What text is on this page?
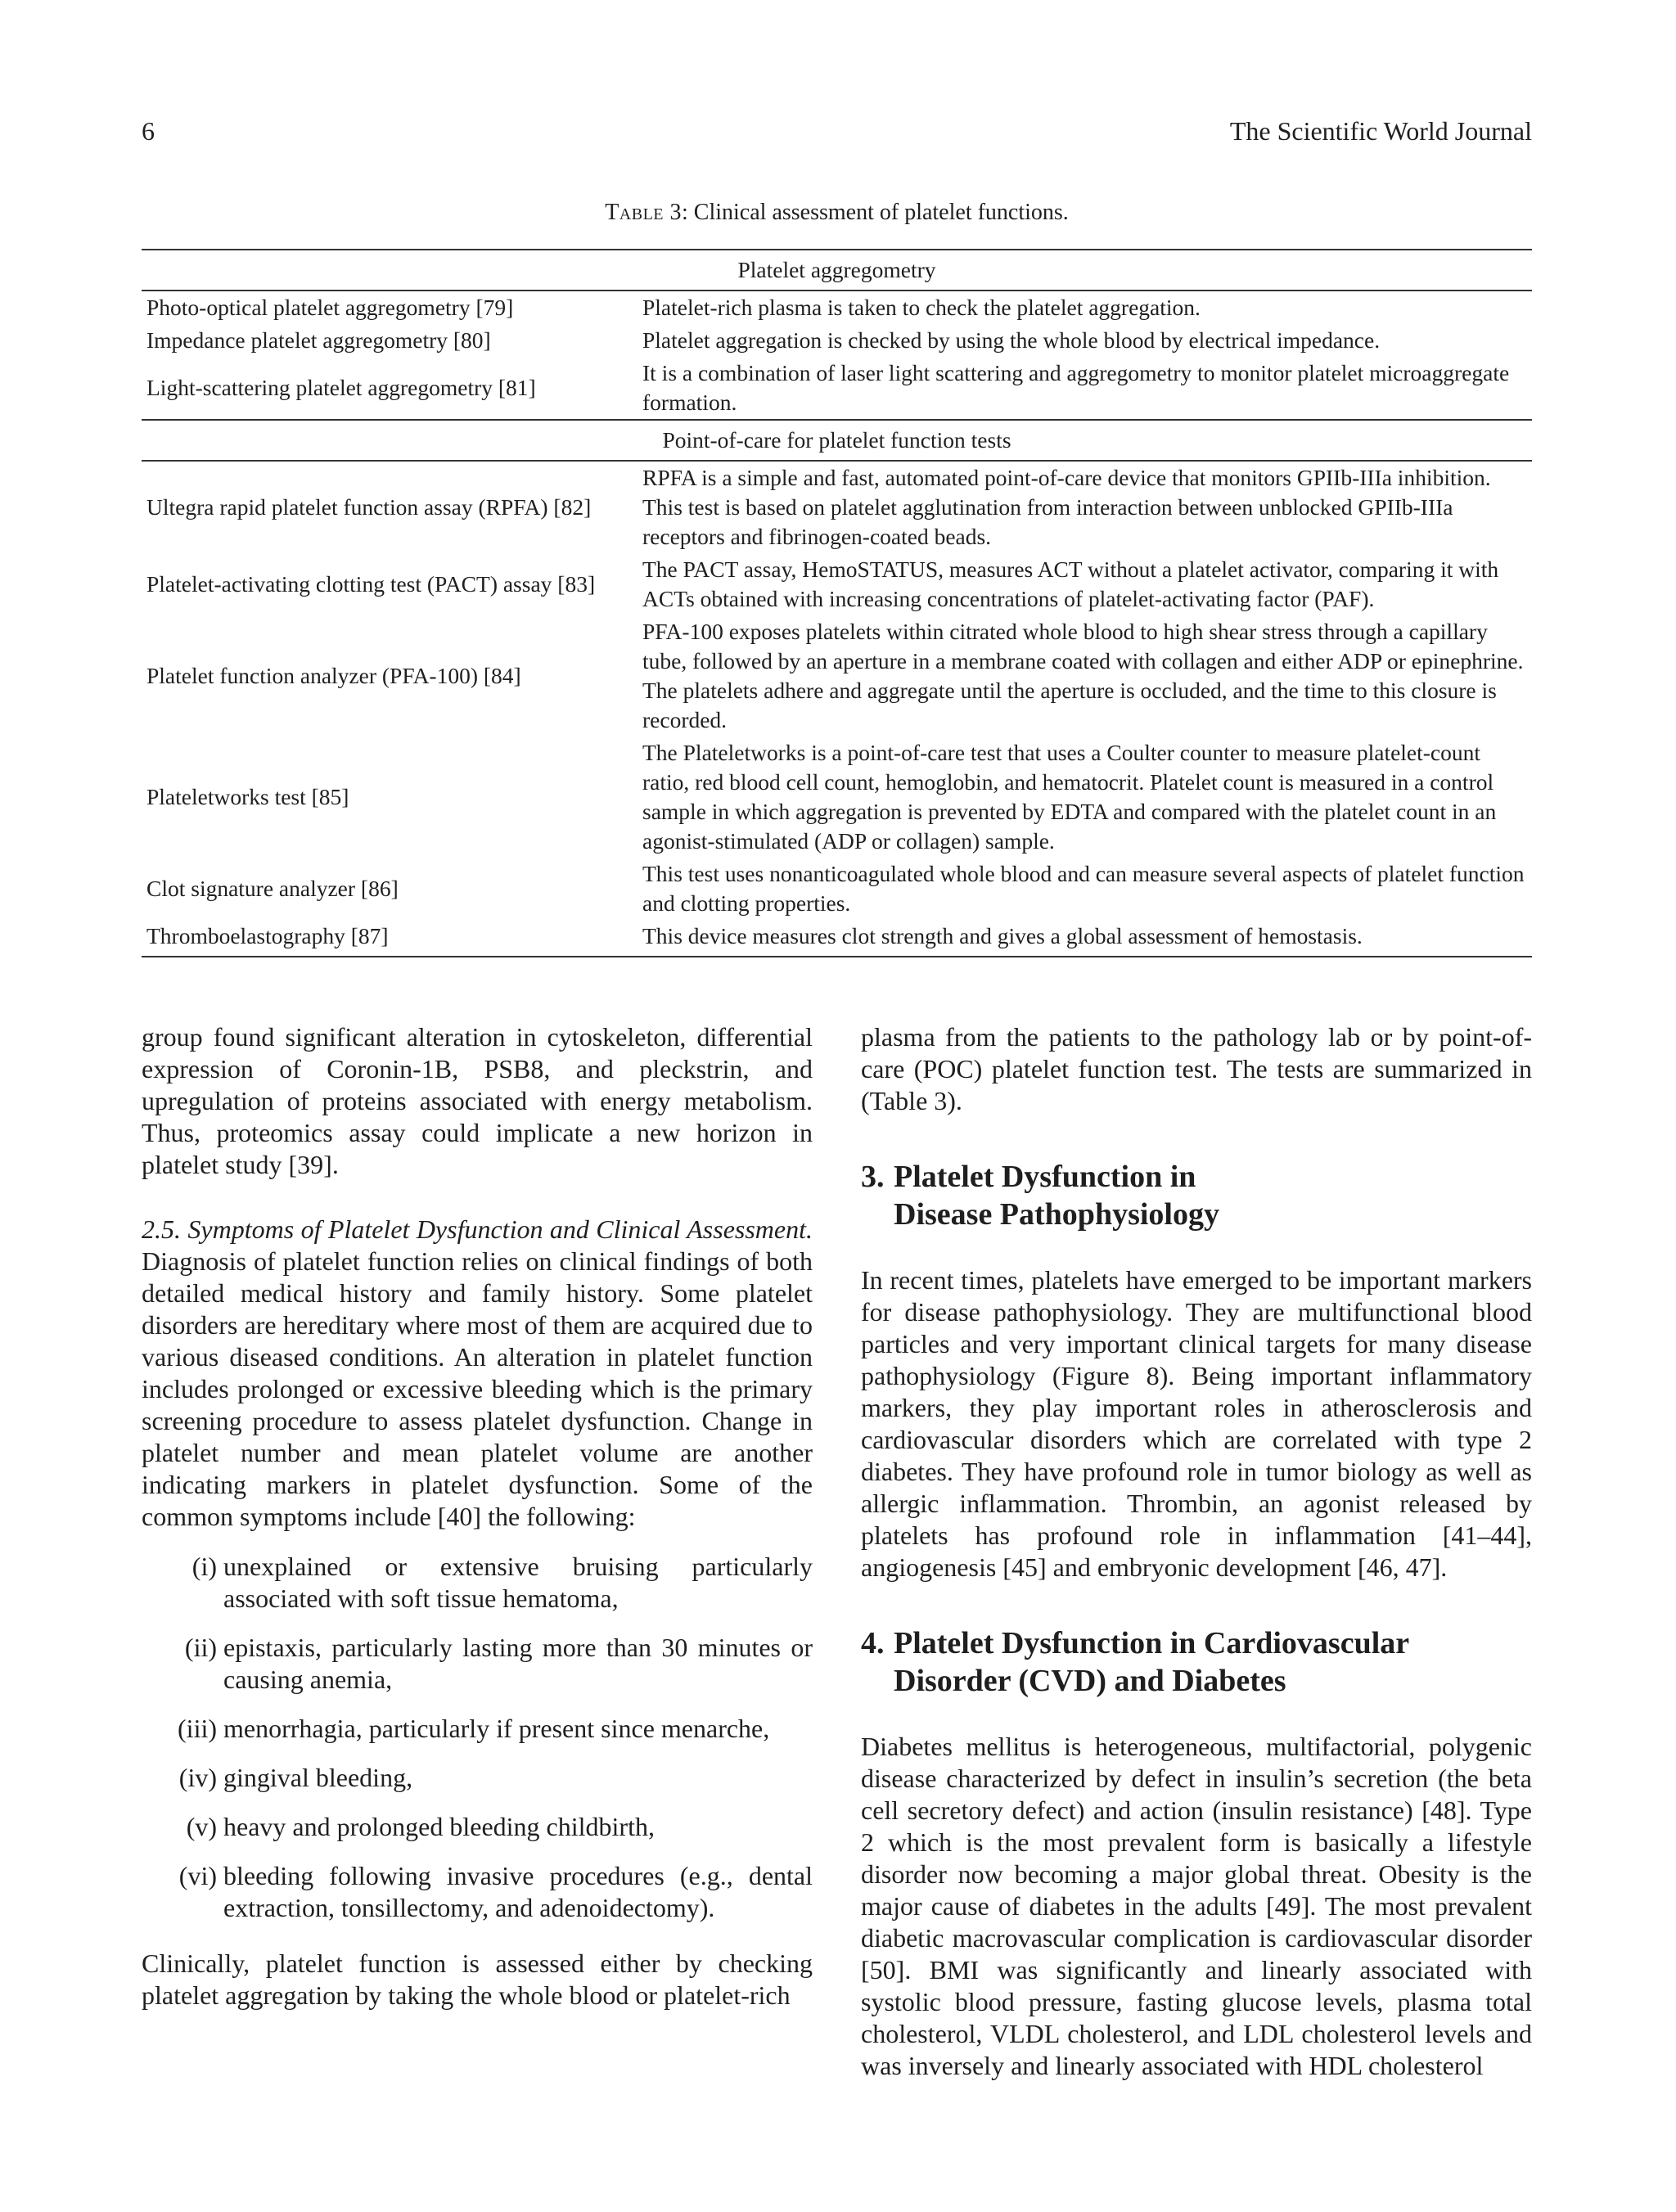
6	The Scientific World Journal
Table 3: Clinical assessment of platelet functions.
Platelet aggregometry	
Photo-optical platelet aggregometry [79]	Platelet-rich plasma is taken to check the platelet aggregation.
Impedance platelet aggregometry [80]	Platelet aggregation is checked by using the whole blood by electrical impedance.
Light-scattering platelet aggregometry [81]	It is a combination of laser light scattering and aggregometry to monitor platelet microaggregate formation.
Point-of-care for platelet function tests	
Ultegra rapid platelet function assay (RPFA) [82]	RPFA is a simple and fast, automated point-of-care device that monitors GPIIb-IIIa inhibition. This test is based on platelet agglutination from interaction between unblocked GPIIb-IIIa receptors and fibrinogen-coated beads.
Platelet-activating clotting test (PACT) assay [83]	The PACT assay, HemoSTATUS, measures ACT without a platelet activator, comparing it with ACTs obtained with increasing concentrations of platelet-activating factor (PAF).
Platelet function analyzer (PFA-100) [84]	PFA-100 exposes platelets within citrated whole blood to high shear stress through a capillary tube, followed by an aperture in a membrane coated with collagen and either ADP or epinephrine. The platelets adhere and aggregate until the aperture is occluded, and the time to this closure is recorded.
Plateletworks test [85]	The Plateletworks is a point-of-care test that uses a Coulter counter to measure platelet-count ratio, red blood cell count, hemoglobin, and hematocrit. Platelet count is measured in a control sample in which aggregation is prevented by EDTA and compared with the platelet count in an agonist-stimulated (ADP or collagen) sample.
Clot signature analyzer [86]	This test uses nonanticoagulated whole blood and can measure several aspects of platelet function and clotting properties.
Thromboelastography [87]	This device measures clot strength and gives a global assessment of hemostasis.

group found significant alteration in cytoskeleton, differential expression of Coronin-1B, PSB8, and pleckstrin, and upregulation of proteins associated with energy metabolism. Thus, proteomics assay could implicate a new horizon in platelet study [39].

2.5. Symptoms of Platelet Dysfunction and Clinical Assessment. Diagnosis of platelet function relies on clinical findings of both detailed medical history and family history. Some platelet disorders are hereditary where most of them are acquired due to various diseased conditions. An alteration in platelet function includes prolonged or excessive bleeding which is the primary screening procedure to assess platelet dysfunction. Change in platelet number and mean platelet volume are another indicating markers in platelet dysfunction. Some of the common symptoms include [40] the following:

(i) unexplained or extensive bruising particularly associated with soft tissue hematoma,
(ii) epistaxis, particularly lasting more than 30 minutes or causing anemia,
(iii) menorrhagia, particularly if present since menarche,
(iv) gingival bleeding,
(v) heavy and prolonged bleeding childbirth,
(vi) bleeding following invasive procedures (e.g., dental extraction, tonsillectomy, and adenoidectomy).

Clinically, platelet function is assessed either by checking platelet aggregation by taking the whole blood or platelet-rich

plasma from the patients to the pathology lab or by point-of-care (POC) platelet function test. The tests are summarized in (Table 3).

3. Platelet Dysfunction in
Disease Pathophysiology

In recent times, platelets have emerged to be important markers for disease pathophysiology. They are multifunctional blood particles and very important clinical targets for many disease pathophysiology (Figure 8). Being important inflammatory markers, they play important roles in atherosclerosis and cardiovascular disorders which are correlated with type 2 diabetes. They have profound role in tumor biology as well as allergic inflammation. Thrombin, an agonist released by platelets has profound role in inflammation [41–44], angiogenesis [45] and embryonic development [46, 47].

4. Platelet Dysfunction in Cardiovascular
Disorder (CVD) and Diabetes

Diabetes mellitus is heterogeneous, multifactorial, polygenic disease characterized by defect in insulin’s secretion (the beta cell secretory defect) and action (insulin resistance) [48]. Type 2 which is the most prevalent form is basically a lifestyle disorder now becoming a major global threat. Obesity is the major cause of diabetes in the adults [49]. The most prevalent diabetic macrovascular complication is cardiovascular disorder [50]. BMI was significantly and linearly associated with systolic blood pressure, fasting glucose levels, plasma total cholesterol, VLDL cholesterol, and LDL cholesterol levels and was inversely and linearly associated with HDL cholesterol
